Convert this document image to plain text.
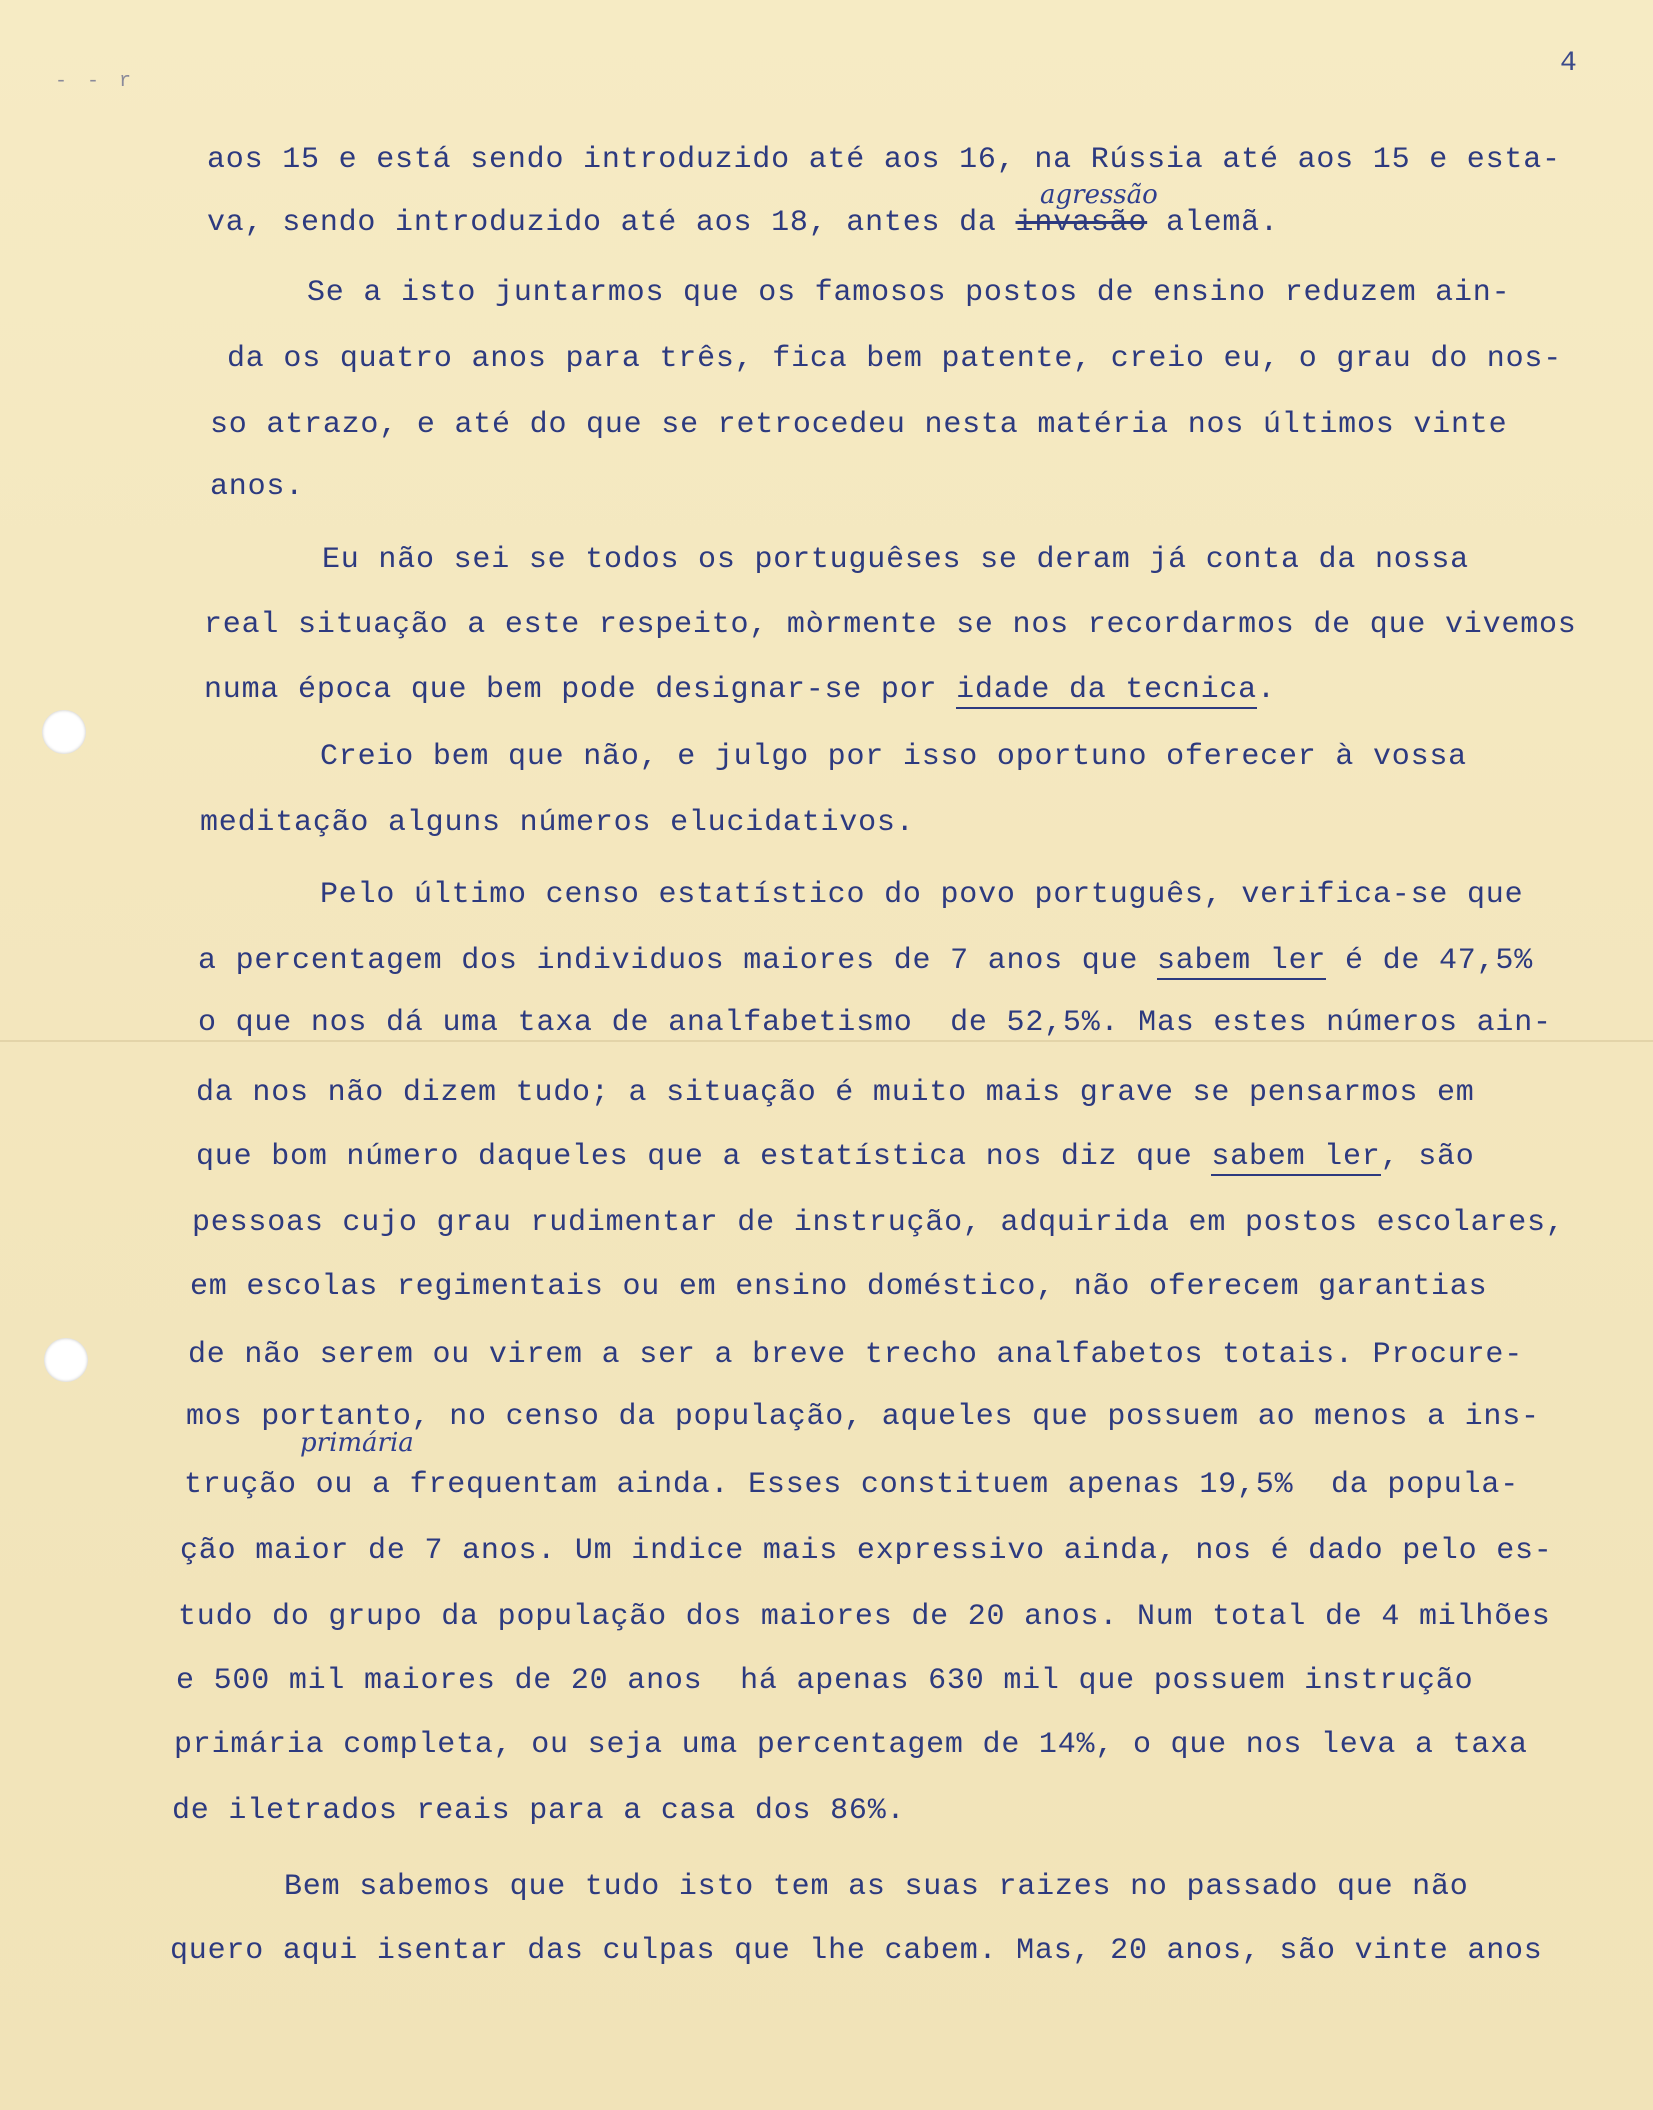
- - r
4
agressão
primária
aos 15 e está sendo introduzido até aos 16, na Rússia até aos 15 e esta-
va, sendo introduzido até aos 18, antes da invasão alemã.
Se a isto juntarmos que os famosos postos de ensino reduzem ain-
da os quatro anos para três, fica bem patente, creio eu, o grau do nos-
so atrazo, e até do que se retrocedeu nesta matéria nos últimos vinte
anos.
Eu não sei se todos os portuguêses se deram já conta da nossa
real situação a este respeito, mòrmente se nos recordarmos de que vivemos
numa época que bem pode designar-se por idade da tecnica.
Creio bem que não, e julgo por isso oportuno oferecer à vossa
meditação alguns números elucidativos.
Pelo último censo estatístico do povo português, verifica-se que
a percentagem dos individuos maiores de 7 anos que sabem ler é de 47,5%
o que nos dá uma taxa de analfabetismo  de 52,5%. Mas estes números ain-
da nos não dizem tudo; a situação é muito mais grave se pensarmos em
que bom número daqueles que a estatística nos diz que sabem ler, são
pessoas cujo grau rudimentar de instrução, adquirida em postos escolares,
em escolas regimentais ou em ensino doméstico, não oferecem garantias
de não serem ou virem a ser a breve trecho analfabetos totais. Procure-
mos portanto, no censo da população, aqueles que possuem ao menos a ins-
trução ou a frequentam ainda. Esses constituem apenas 19,5%  da popula-
ção maior de 7 anos. Um indice mais expressivo ainda, nos é dado pelo es-
tudo do grupo da população dos maiores de 20 anos. Num total de 4 milhões
e 500 mil maiores de 20 anos  há apenas 630 mil que possuem instrução
primária completa, ou seja uma percentagem de 14%, o que nos leva a taxa
de iletrados reais para a casa dos 86%.
Bem sabemos que tudo isto tem as suas raizes no passado que não
quero aqui isentar das culpas que lhe cabem. Mas, 20 anos, são vinte anos
